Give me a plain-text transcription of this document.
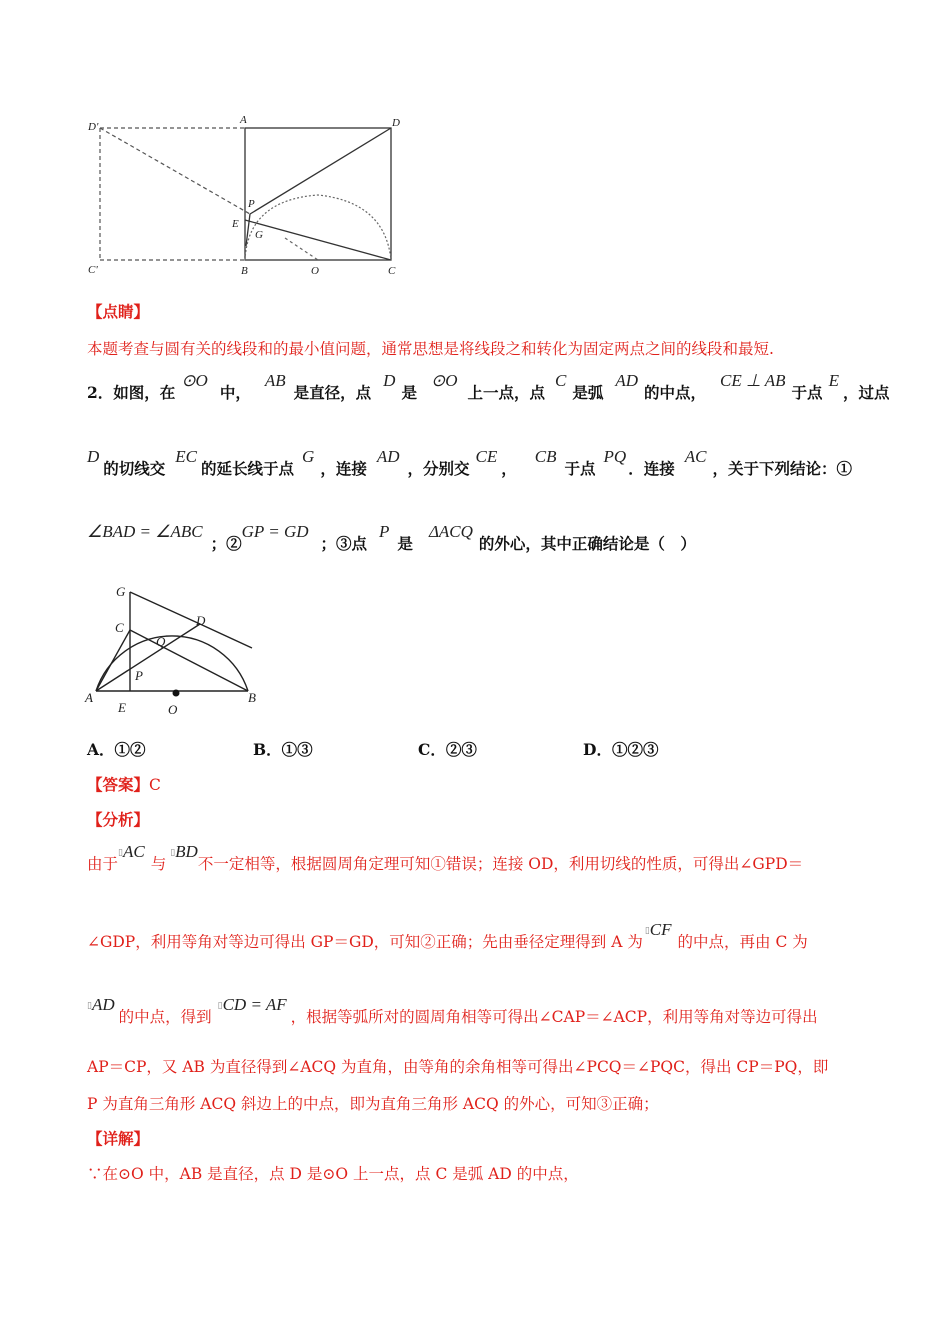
D'
A	D
P
E
G
C'	B	O	C
【点睛】
本题考查与圆有关的线段和的最小值问题，通常思想是将线段之和转化为固定两点之间的线段和最短.
2．如图，在⊙O中，AB是直径，点D是⊙O上一点，点C是弧AD的中点，CE ⊥ AB于点E，过点
D的切线交EC的延长线于点G，连接AD，分别交CE，CB于点PQ．连接AC，关于下列结论：①
∠BAD = ∠ABC；②GP = GD；③点P是ΔACQ的外心，其中正确结论是（　）
G
C	D
Q
P
A
E	O
B
A．①②	B．①③	C．②③	D．①②③
【答案】C
【分析】
由于▯AC与▯BD不一定相等，根据圆周角定理可知①错误；连接 OD，利用切线的性质，可得出∠GPD＝
∠GDP，利用等角对等边可得出 GP＝GD，可知②正确；先由垂径定理得到 A 为▯CF的中点，再由 C 为
▯AD的中点，得到▯CD = AF，根据等弧所对的圆周角相等可得出∠CAP＝∠ACP，利用等角对等边可得出
AP＝CP，又 AB 为直径得到∠ACQ 为直角，由等角的余角相等可得出∠PCQ＝∠PQC，得出 CP＝PQ，即
P 为直角三角形 ACQ 斜边上的中点，即为直角三角形 ACQ 的外心，可知③正确；
【详解】
∵在⊙O 中，AB 是直径，点 D 是⊙O 上一点，点 C 是弧 AD 的中点，
